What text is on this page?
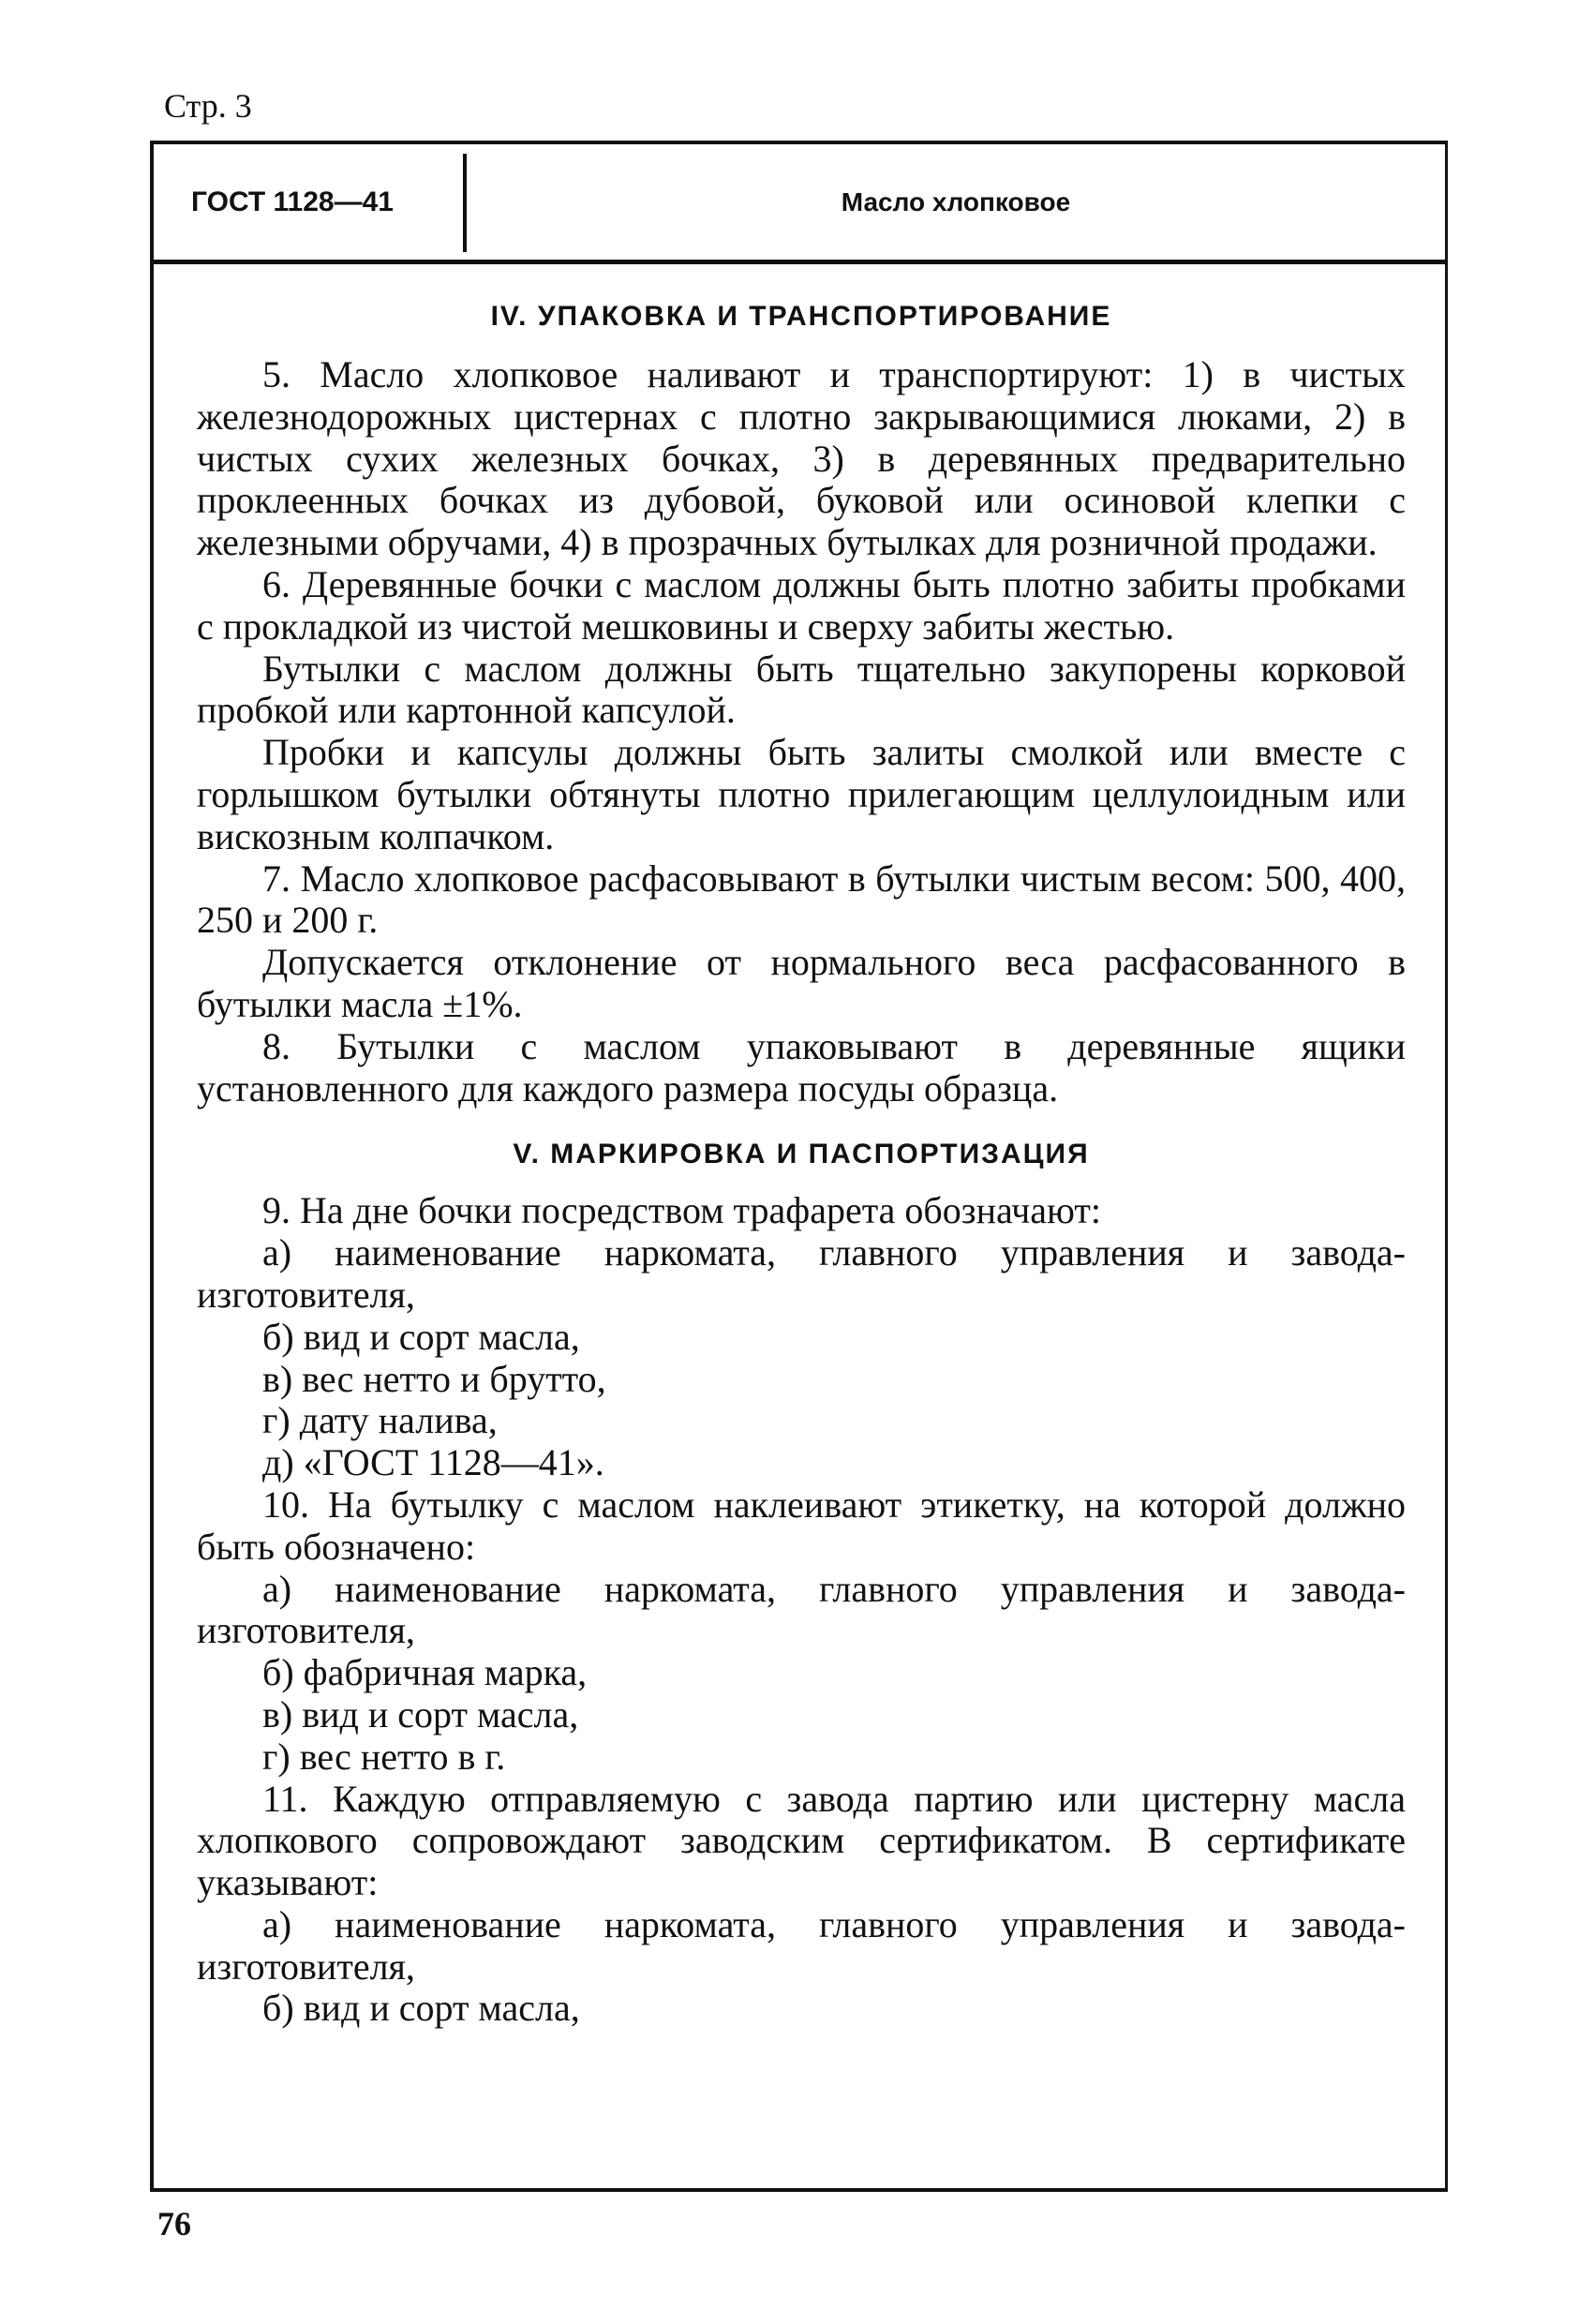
Стр. 3
ГОСТ 1128—41	Масло хлопковое
IV. УПАКОВКА И ТРАНСПОРТИРОВАНИЕ

5. Масло хлопковое наливают и транспортируют: 1) в чистых железнодорожных цистернах с плотно закрывающимися люками, 2) в чистых сухих железных бочках, 3) в деревянных предварительно проклеенных бочках из дубовой, буковой или осиновой клепки с железными обручами, 4) в прозрачных бутылках для розничной продажи.

6. Деревянные бочки с маслом должны быть плотно забиты пробками с прокладкой из чистой мешковины и сверху забиты жестью.

Бутылки с маслом должны быть тщательно закупорены корковой пробкой или картонной капсулой.

Пробки и капсулы должны быть залиты смолкой или вместе с горлышком бутылки обтянуты плотно прилегающим целлулоидным или вискозным колпачком.

7. Масло хлопковое расфасовывают в бутылки чистым весом: 500, 400, 250 и 200 г.

Допускается отклонение от нормального веса расфасованного в бутылки масла ±1%.

8. Бутылки с маслом упаковывают в деревянные ящики установленного для каждого размера посуды образца.

V. МАРКИРОВКА И ПАСПОРТИЗАЦИЯ

9. На дне бочки посредством трафарета обозначают:

а) наименование наркомата, главного управления и завода-изготовителя,

б) вид и сорт масла,

в) вес нетто и брутто,

г) дату налива,

д) «ГОСТ 1128—41».

10. На бутылку с маслом наклеивают этикетку, на которой должно быть обозначено:

а) наименование наркомата, главного управления и завода-изготовителя,

б) фабричная марка,

в) вид и сорт масла,

г) вес нетто в г.

11. Каждую отправляемую с завода партию или цистерну масла хлопкового сопровождают заводским сертификатом. В сертификате указывают:

а) наименование наркомата, главного управления и завода-изготовителя,

б) вид и сорт масла,

76
